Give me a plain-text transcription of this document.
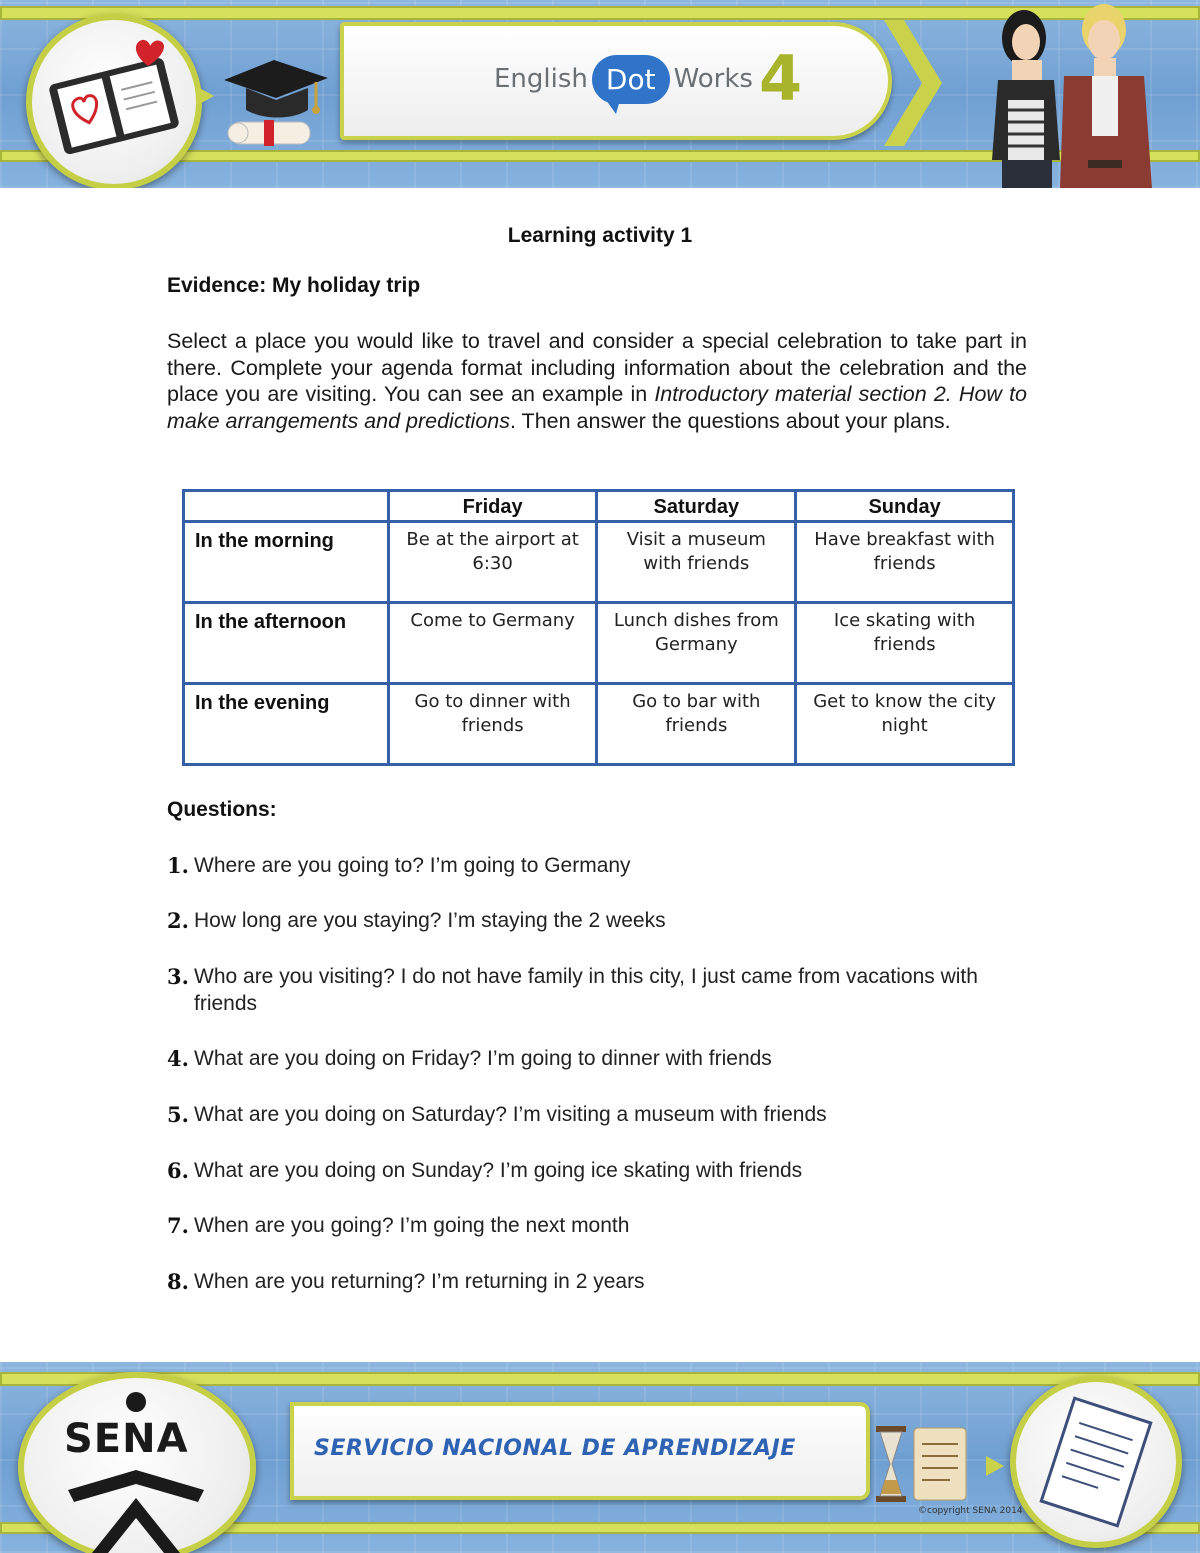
English Dot Works 4
Learning activity 1
Evidence: My holiday trip
Select a place you would like to travel and consider a special celebration to take part in there. Complete your agenda format including information about the celebration and the place you are visiting. You can see an example in Introductory material section 2. How to make arrangements and predictions. Then answer the questions about your plans.
	Friday	Saturday	Sunday
In the morning	Be at the airport at 6:30	Visit a museum with friends	Have breakfast with friends
In the afternoon	Come to Germany	Lunch dishes from Germany	Ice skating with friends
In the evening	Go to dinner with friends	Go to bar with friends	Get to know the city night
Questions:
1. Where are you going to? I’m going to Germany
2. How long are you staying? I’m staying the 2 weeks
3. Who are you visiting? I do not have family in this city, I just came from vacations with friends
4. What are you doing on Friday? I’m going to dinner with friends
5. What are you doing on Saturday? I’m visiting a museum with friends
6. What are you doing on Sunday? I’m going ice skating with friends
7. When are you going? I’m going the next month
8. When are you returning? I’m returning in 2 years
SENA	SERVICIO NACIONAL DE APRENDIZAJE
©copyright SENA 2014
